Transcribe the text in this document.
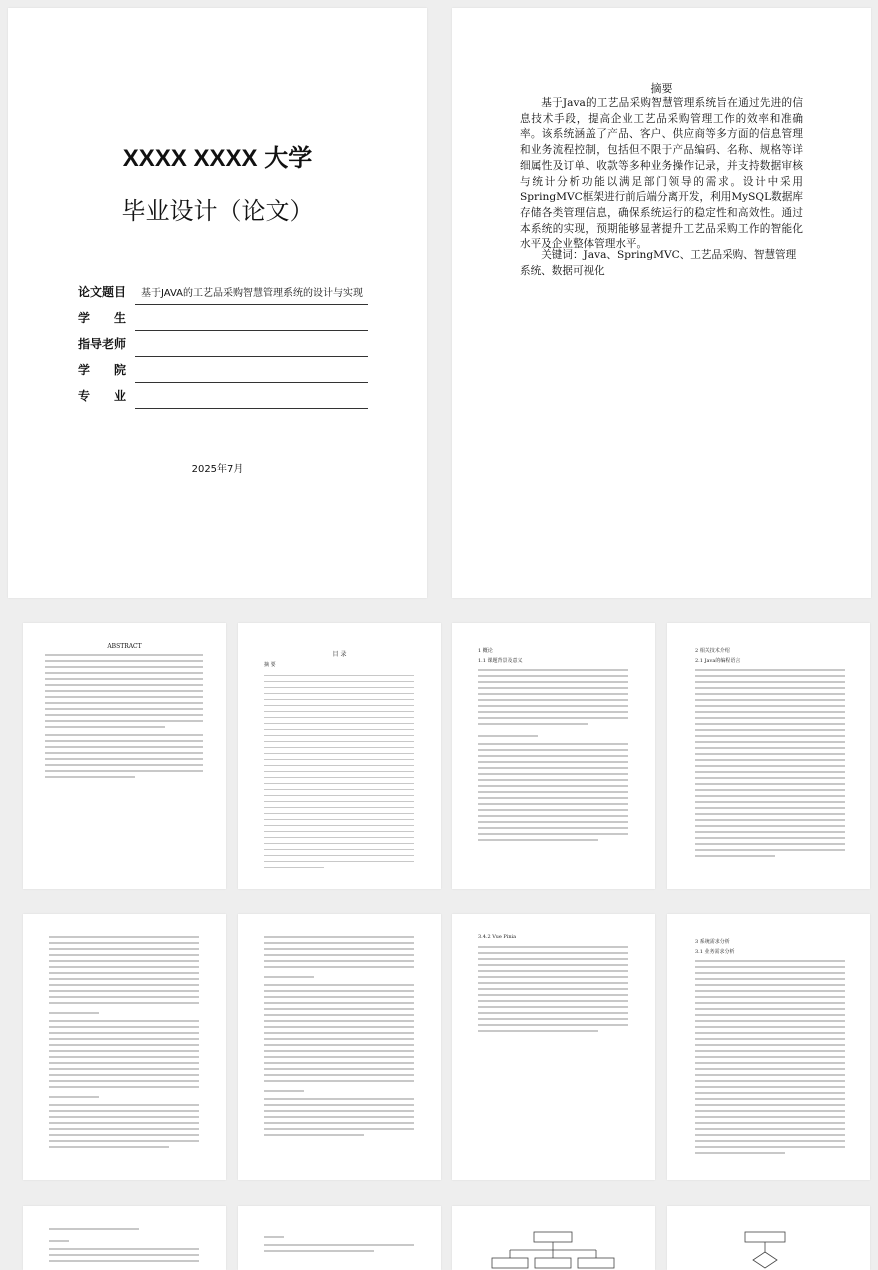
XXXX XXXX 大学
毕业设计（论文）
论文题目	基于JAVA的工艺品采购智慧管理系统的设计与实现
学　　生
指导老师
学　　院
专　　业
2025年7月
摘要

基于Java的工艺品采购智慧管理系统旨在通过先进的信息技术手段，提高企业工艺品采购管理工作的效率和准确率。该系统涵盖了产品、客户、供应商等多方面的信息管理和业务流程控制，包括但不限于产品编码、名称、规格等详细属性及订单、收款等多种业务操作记录，并支持数据审核与统计分析功能以满足部门领导的需求。设计中采用SpringMVC框架进行前后端分离开发，利用MySQL数据库存储各类管理信息，确保系统运行的稳定性和高效性。通过本系统的实现，预期能够显著提升工艺品采购工作的智能化水平及企业整体管理水平。

关键词：Java、SpringMVC、工艺品采购、智慧管理系统、数据可视化

ABSTRACT
目 录
摘 要
1 概论
1.1 课题背景及意义
2 相关技术介绍
2.1 Java的编程语言
3.4.2 Vue Pinia
3 系统需求分析
3.1 业务需求分析
